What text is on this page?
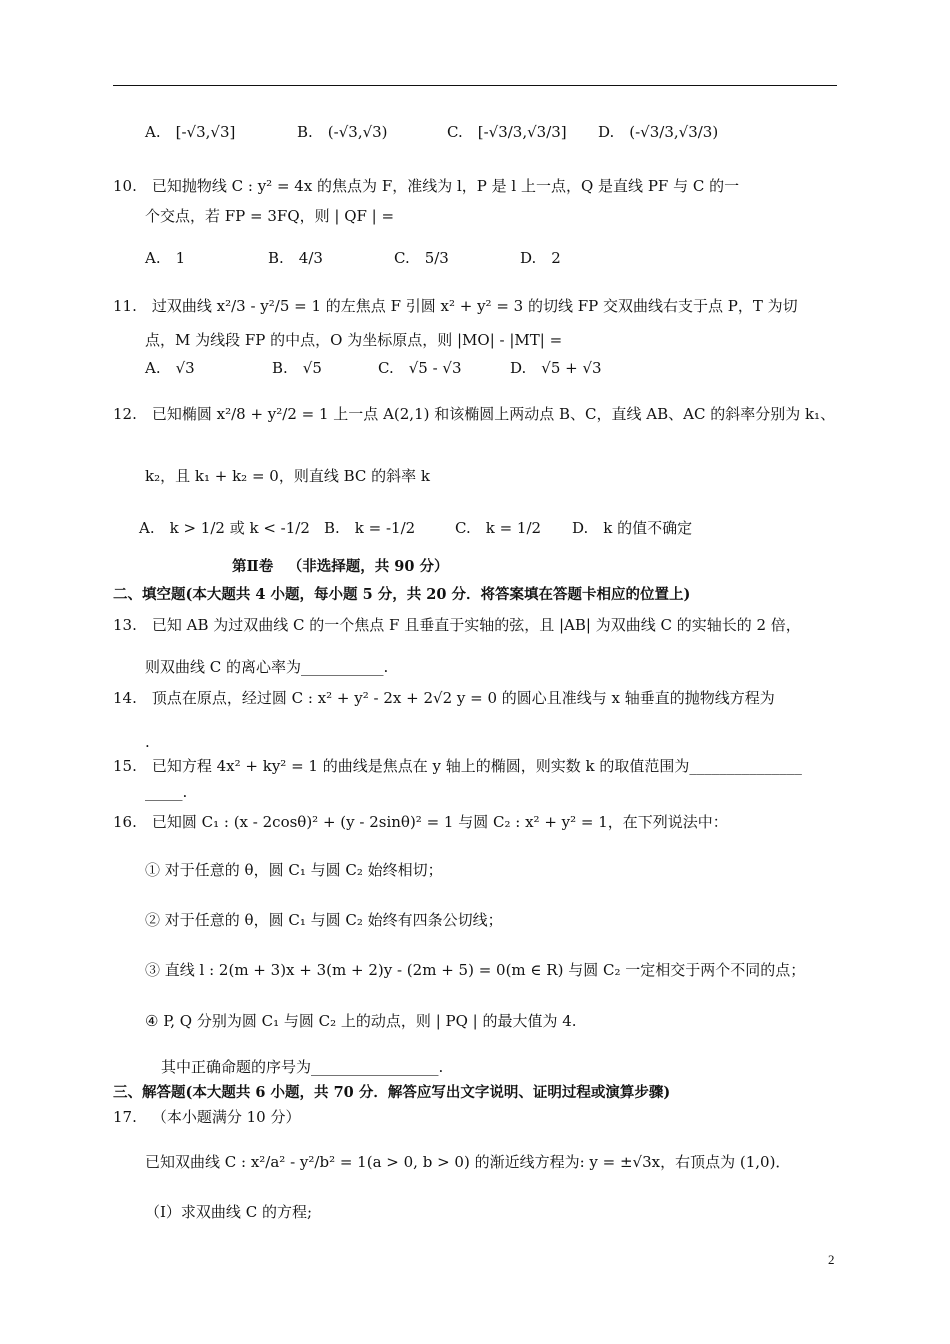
A. [-√3,√3]	B. (-√3,√3)	C. [-√3/3,√3/3] D. (-√3/3,√3/3)
10. 已知抛物线 C : y² = 4x 的焦点为 F，准线为 l，P 是 l 上一点，Q 是直线 PF 与 C 的一
个交点，若 FP = 3FQ，则 | QF | =
A. 1	B. 4/3	C. 5/3	D. 2
11. 过双曲线 x²/3 - y²/5 = 1 的左焦点 F 引圆 x² + y² = 3 的切线 FP 交双曲线右支于点 P，T 为切
点，M 为线段 FP 的中点，O 为坐标原点，则 |MO| - |MT| =
A. √3	B. √5	C. √5 - √3	D. √5 + √3
12. 已知椭圆 x²/8 + y²/2 = 1 上一点 A(2,1) 和该椭圆上两动点 B、C，直线 AB、AC 的斜率分别为 k₁、
k₂，且 k₁ + k₂ = 0，则直线 BC 的斜率 k
A. k > 1/2 或 k < -1/2 B. k = -1/2	C. k = 1/2 D. k 的值不确定
第Ⅱ卷 （非选择题，共 90 分）
二、填空题(本大题共 4 小题，每小题 5 分，共 20 分．将答案填在答题卡相应的位置上)
13. 已知 AB 为过双曲线 C 的一个焦点 F 且垂直于实轴的弦，且 |AB| 为双曲线 C 的实轴长的 2 倍，
则双曲线 C 的离心率为___________.
14. 顶点在原点，经过圆 C : x² + y² - 2x + 2√2 y = 0 的圆心且准线与 x 轴垂直的抛物线方程为
.
15. 已知方程 4x² + ky² = 1 的曲线是焦点在 y 轴上的椭圆，则实数 k 的取值范围为_______________
_____.
16. 已知圆 C₁ : (x - 2cosθ)² + (y - 2sinθ)² = 1 与圆 C₂ : x² + y² = 1，在下列说法中：
① 对于任意的 θ，圆 C₁ 与圆 C₂ 始终相切；
② 对于任意的 θ，圆 C₁ 与圆 C₂ 始终有四条公切线；
③ 直线 l : 2(m + 3)x + 3(m + 2)y - (2m + 5) = 0(m ∈ R) 与圆 C₂ 一定相交于两个不同的点；
④ P, Q 分别为圆 C₁ 与圆 C₂ 上的动点，则 | PQ | 的最大值为 4.
其中正确命题的序号为_________________.
三、解答题(本大题共 6 小题，共 70 分．解答应写出文字说明、证明过程或演算步骤)
17. （本小题满分 10 分）
已知双曲线 C : x²/a² - y²/b² = 1(a > 0, b > 0) 的渐近线方程为: y = ±√3x，右顶点为 (1,0)．
（Ⅰ）求双曲线 C 的方程;
2
